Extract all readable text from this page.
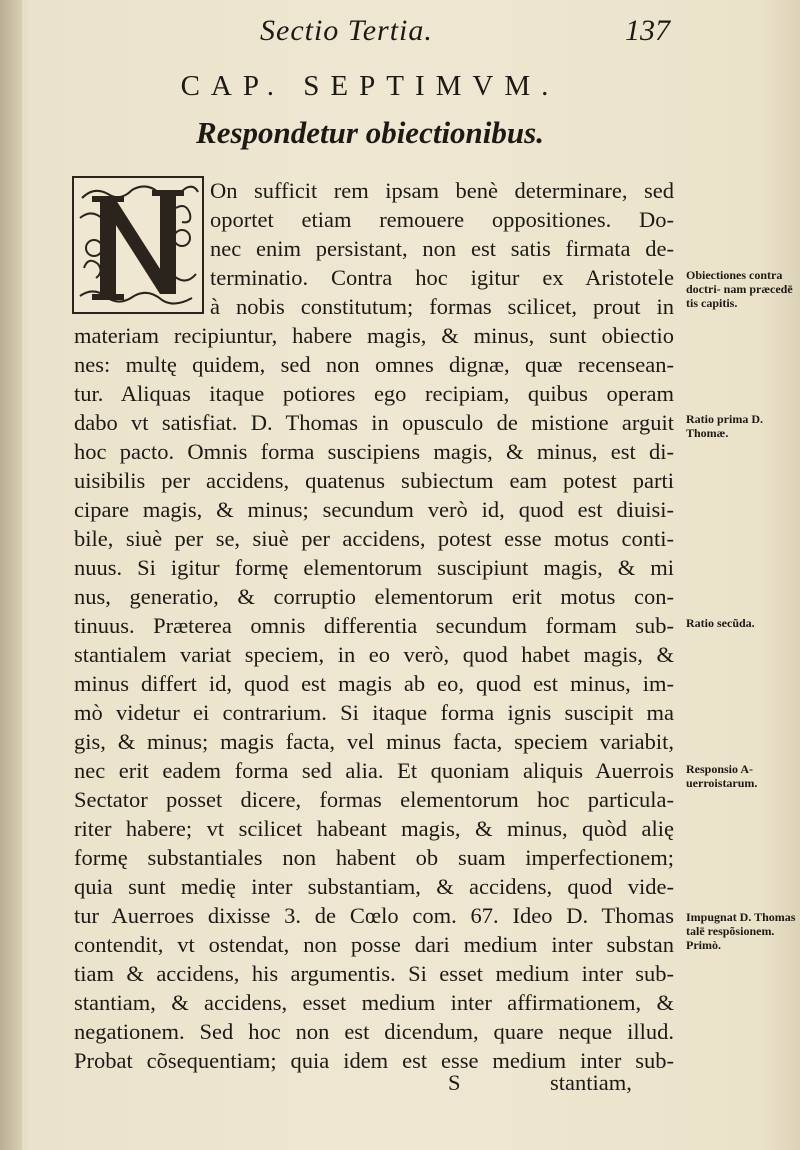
Sectio Tertia.	137
CAP. SEPTIMVM.
Respondetur obiectionibus.
On sufficit rem ipsam benè determinare, sed
oportet etiam remouere oppositiones. Do-
nec enim persistant, non est satis firmata de-
terminatio. Contra hoc igitur ex Aristotele
à nobis constitutum; formas scilicet, prout in
materiam recipiuntur, habere magis, & minus, sunt obiectio
nes: multę quidem, sed non omnes dignæ, quæ recensean-
tur. Aliquas itaque potiores ego recipiam, quibus operam
dabo vt satisfiat. D. Thomas in opusculo de mistione arguit
hoc pacto. Omnis forma suscipiens magis, & minus, est di-
uisibilis per accidens, quatenus subiectum eam potest parti
cipare magis, & minus; secundum verò id, quod est diuisi-
bile, siuè per se, siuè per accidens, potest esse motus conti-
nuus. Si igitur formę elementorum suscipiunt magis, & mi
nus, generatio, & corruptio elementorum erit motus con-
tinuus. Præterea omnis differentia secundum formam sub-
stantialem variat speciem, in eo verò, quod habet magis, &
minus differt id, quod est magis ab eo, quod est minus, im-
mò videtur ei contrarium. Si itaque forma ignis suscipit ma
gis, & minus; magis facta, vel minus facta, speciem variabit,
nec erit eadem forma sed alia. Et quoniam aliquis Auerrois
Sectator posset dicere, formas elementorum hoc particula-
riter habere; vt scilicet habeant magis, & minus, quòd alię
formę substantiales non habent ob suam imperfectionem;
quia sunt medię inter substantiam, & accidens, quod vide-
tur Auerroes dixisse 3. de Cœlo com. 67. Ideo D. Thomas
contendit, vt ostendat, non posse dari medium inter substan
tiam & accidens, his argumentis. Si esset medium inter sub-
stantiam, & accidens, esset medium inter affirmationem, &
negationem. Sed hoc non est dicendum, quare neque illud.
Probat cõsequentiam; quia idem est esse medium inter sub-
Obiectiones contra doctri- nam præcedē tis capitis.
Ratio prima D. Thomæ.
Ratio secũda.
Responsio A- uerroistarum.
Impugnat D. Thomas talē respõsionem. Primò.
S	stantiam,
